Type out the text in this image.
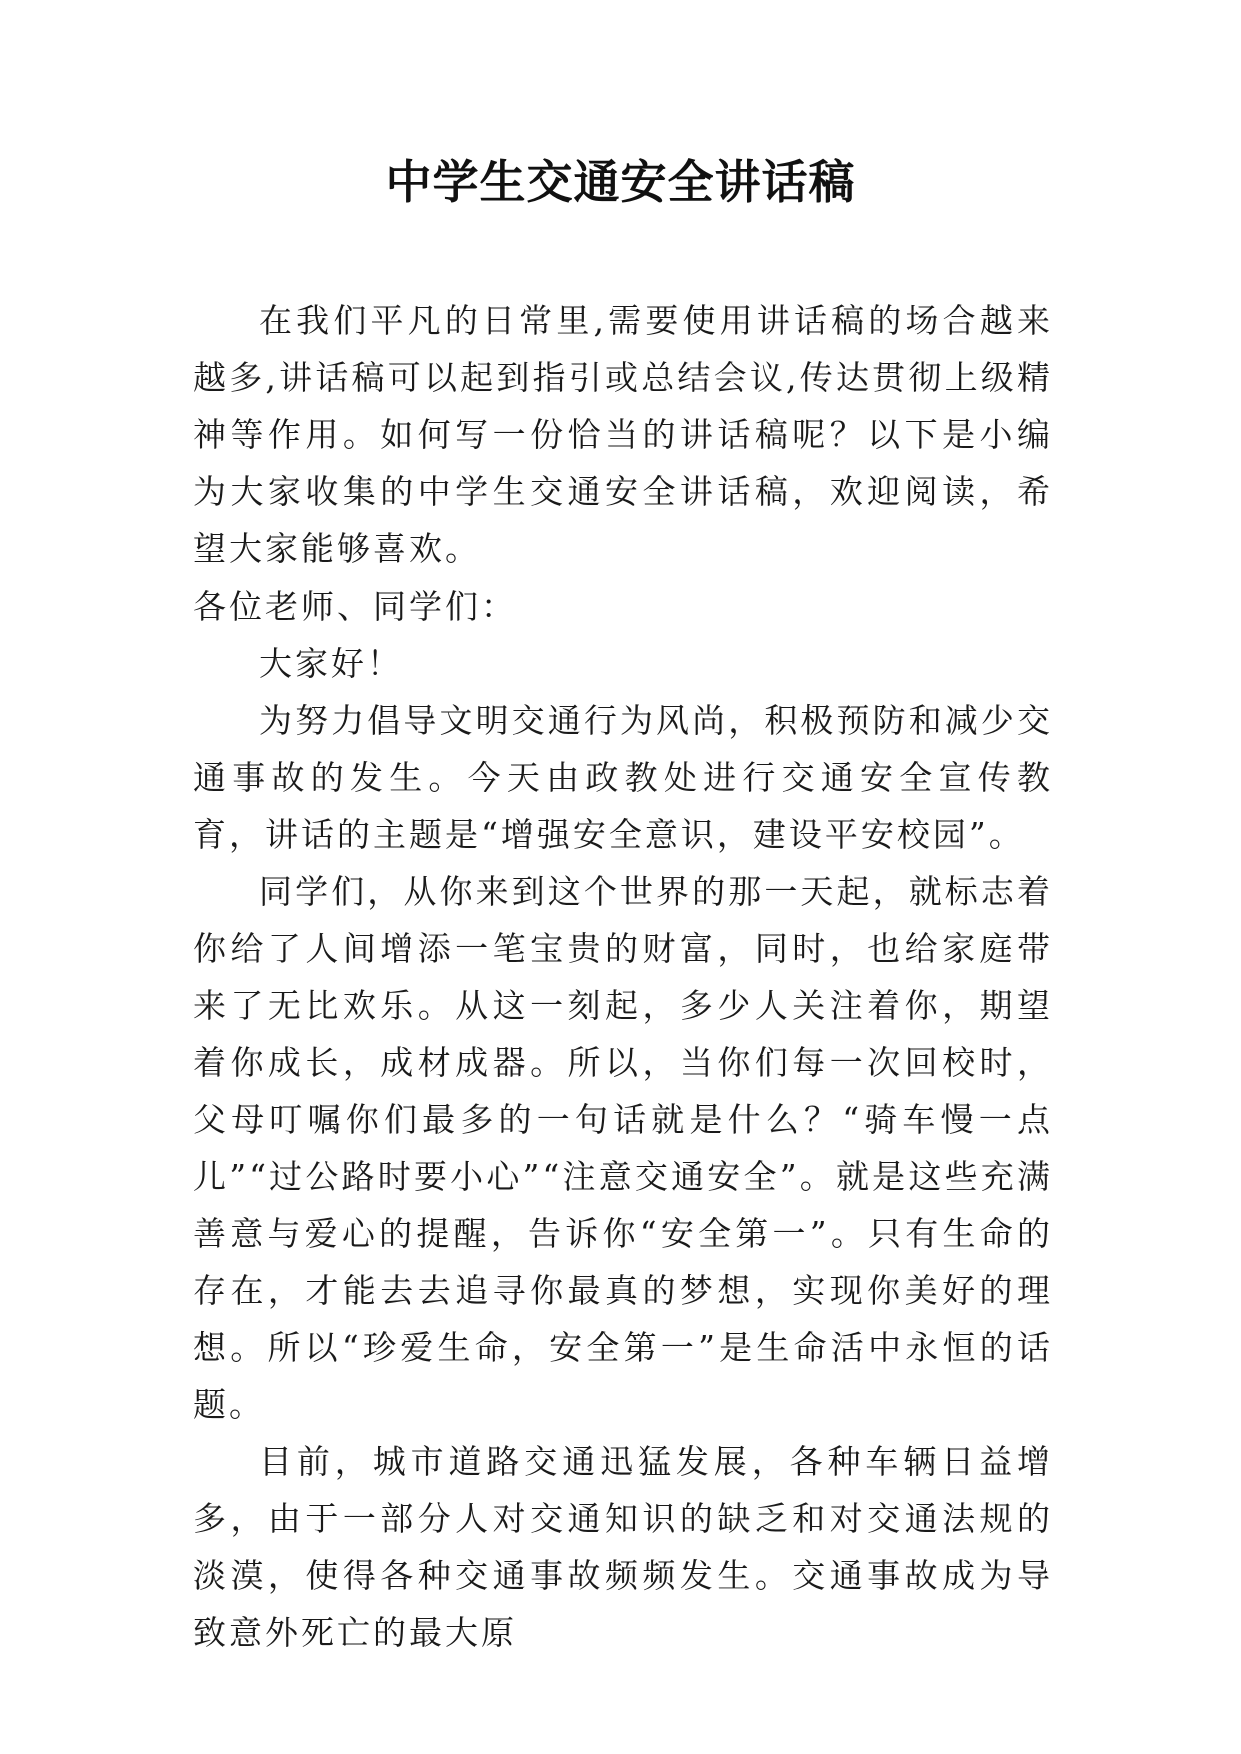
中学生交通安全讲话稿

在我们平凡的日常里,需要使用讲话稿的场合越来越多,讲话稿可以起到指引或总结会议,传达贯彻上级精神等作用。如何写一份恰当的讲话稿呢？以下是小编为大家收集的中学生交通安全讲话稿，欢迎阅读，希望大家能够喜欢。

各位老师、同学们：

大家好！

为努力倡导文明交通行为风尚，积极预防和减少交通事故的发生。今天由政教处进行交通安全宣传教育，讲话的主题是“增强安全意识，建设平安校园”。

同学们，从你来到这个世界的那一天起，就标志着你给了人间增添一笔宝贵的财富，同时，也给家庭带来了无比欢乐。从这一刻起，多少人关注着你，期望着你成长，成材成器。所以，当你们每一次回校时，父母叮嘱你们最多的一句话就是什么？“骑车慢一点儿”“过公路时要小心”“注意交通安全”。就是这些充满善意与爱心的提醒，告诉你“安全第一”。只有生命的存在，才能去去追寻你最真的梦想，实现你美好的理想。所以“珍爱生命，安全第一”是生命活中永恒的话题。

目前，城市道路交通迅猛发展，各种车辆日益增多，由于一部分人对交通知识的缺乏和对交通法规的淡漠，使得各种交通事故频频发生。交通事故成为导致意外死亡的最大原
